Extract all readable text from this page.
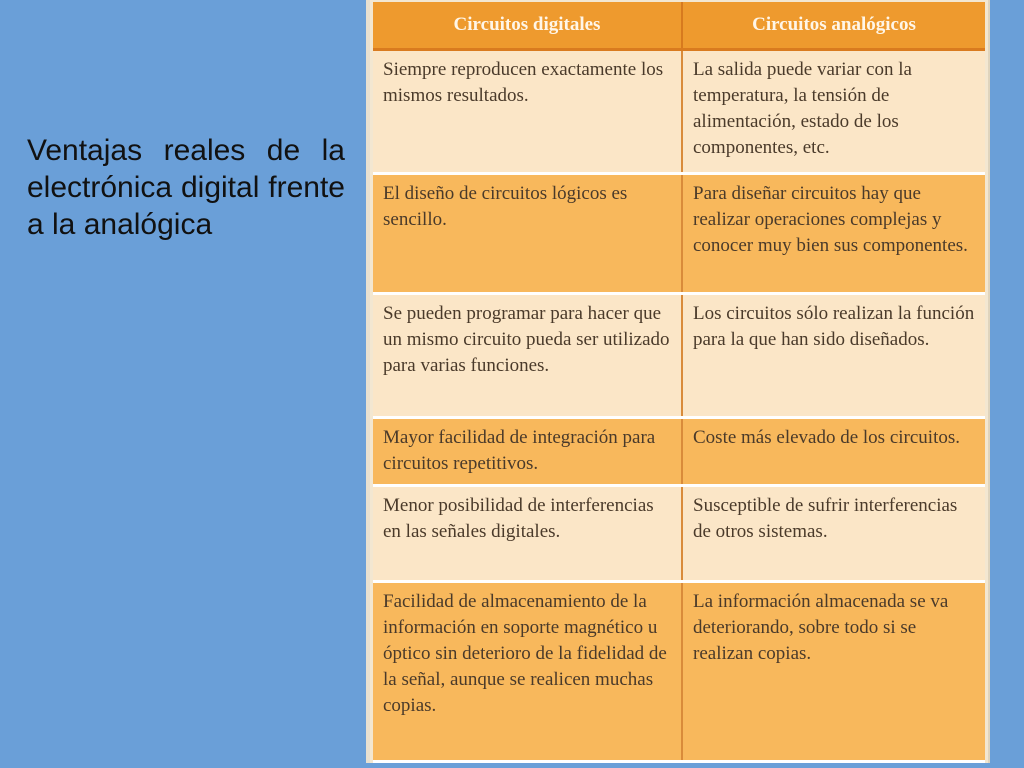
Ventajas reales de la electrónica digital frente a la analógica

Circuitos digitales	Circuitos analógicos
Siempre reproducen exactamente los mismos resultados.	La salida puede variar con la temperatura, la tensión de alimentación, estado de los componentes, etc.
El diseño de circuitos lógicos es sencillo.	Para diseñar circuitos hay que realizar operaciones complejas y conocer muy bien sus componentes.
Se pueden programar para hacer que un mismo circuito pueda ser utilizado para varias funciones.	Los circuitos sólo realizan la función para la que han sido diseñados.
Mayor facilidad de integración para circuitos repetitivos.	Coste más elevado de los circuitos.
Menor posibilidad de interferencias en las señales digitales.	Susceptible de sufrir interferencias de otros sistemas.
Facilidad de almacenamiento de la información en soporte magnético u óptico sin deterioro de la fidelidad de la señal, aunque se realicen muchas copias.	La información almacenada se va deteriorando, sobre todo si se realizan copias.
